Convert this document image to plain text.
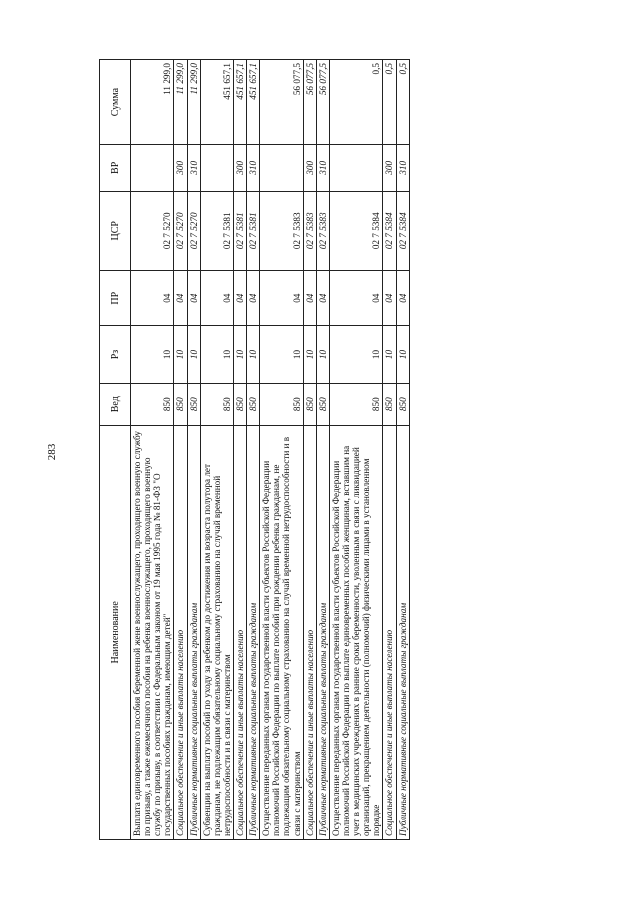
283
Наименование	Вед	Рз	ПР	ЦСР	ВР	Сумма
Выплата единовременного пособия беременной жене военнослужащего, проходящего военную службу по призыву, а также ежемесячного пособия на ребенка военнослужащего, проходящего военную службу по призыву, в соответствии с Федеральным законом от 19 мая 1995 года № 81-ФЗ "О государственных пособиях гражданам, имеющим детей"	850	10	04	02 7 5270		11 299,0
Социальное обеспечение и иные выплаты населению	850	10	04	02 7 5270	300	11 299,0
Публичные нормативные социальные выплаты гражданам	850	10	04	02 7 5270	310	11 299,0
Субвенции на выплату пособий по уходу за ребенком до достижения им возраста полутора лет гражданам, не подлежащим обязательному социальному страхованию на случай временной нетрудоспособности и в связи с материнством	850	10	04	02 7 5381		451 657,1
Социальное обеспечение и иные выплаты населению	850	10	04	02 7 5381	300	451 657,1
Публичные нормативные социальные выплаты гражданам	850	10	04	02 7 5381	310	451 657,1
Осуществление переданных органам государственной власти субъектов Российской Федерации полномочий Российской Федерации по выплате пособий при рождении ребенка гражданам, не подлежащим обязательному социальному страхованию на случай временной нетрудоспособности и в связи с материнством	850	10	04	02 7 5383		56 077,5
Социальное обеспечение и иные выплаты населению	850	10	04	02 7 5383	300	56 077,5
Публичные нормативные социальные выплаты гражданам	850	10	04	02 7 5383	310	56 077,5
Осуществление переданных органам государственной власти субъектов Российской Федерации полномочий Российской Федерации по выплате единовременных пособий женщинам, вставшим на учет в медицинских учреждениях в ранние сроки беременности, уволенным в связи с ликвидацией организаций, прекращением деятельности (полномочий) физическими лицами в установленном порядке	850	10	04	02 7 5384		0,5
Социальное обеспечение и иные выплаты населению	850	10	04	02 7 5384	300	0,5
Публичные нормативные социальные выплаты гражданам	850	10	04	02 7 5384	310	0,5
